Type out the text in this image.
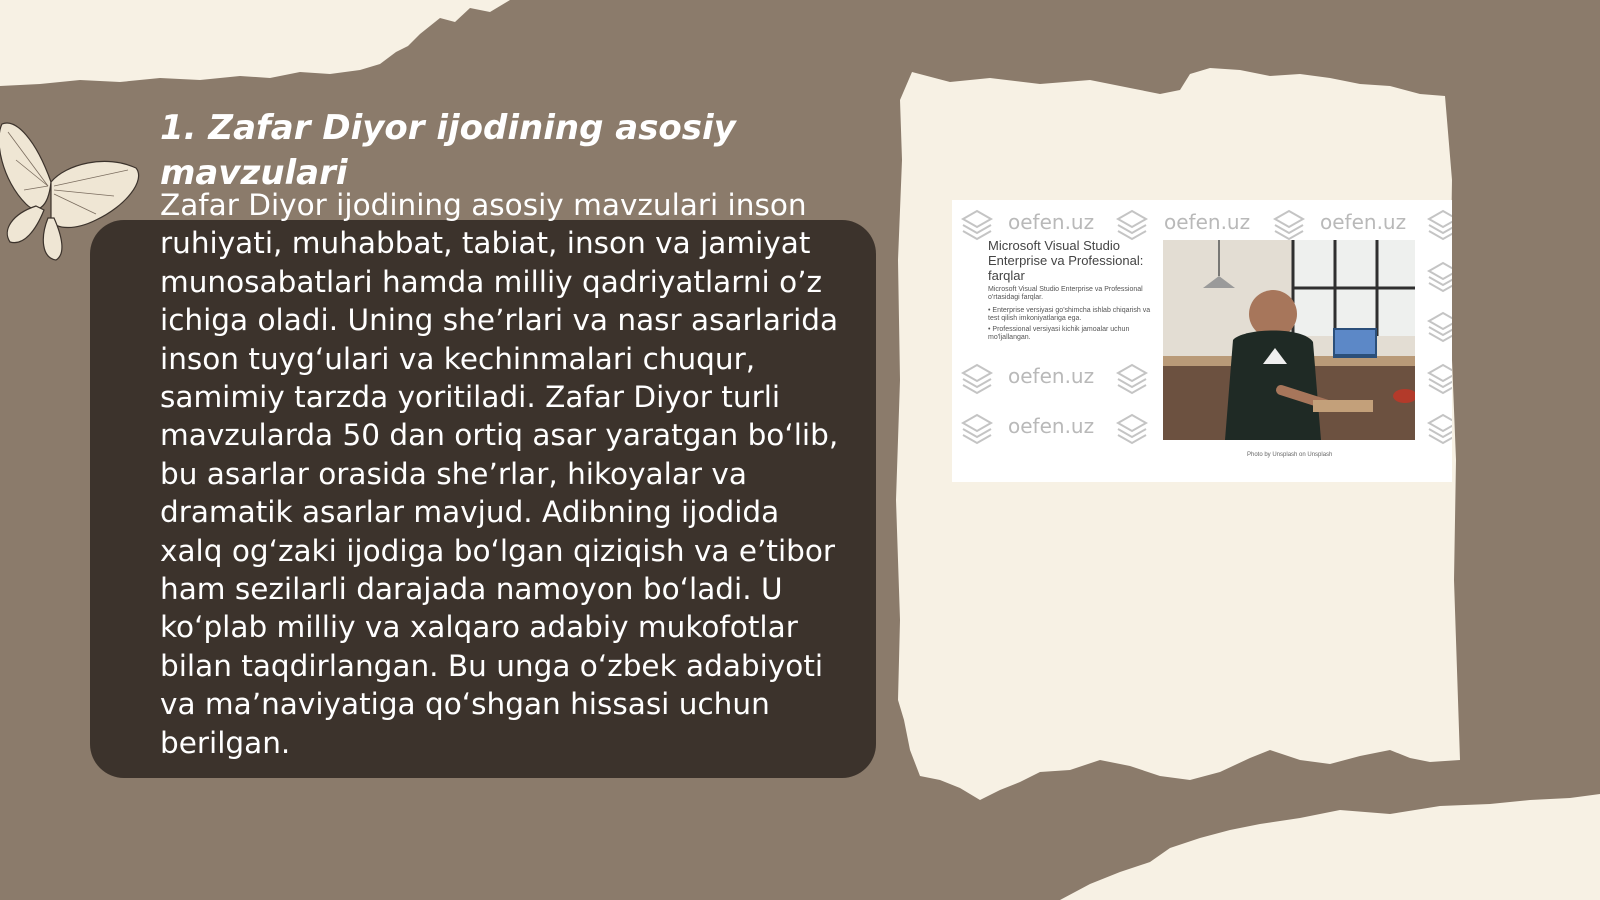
1. Zafar Diyor ijodining asosiy mavzulari

Zafar Diyor ijodining asosiy mavzulari inson ruhiyati, muhabbat, tabiat, inson va jamiyat munosabatlari hamda milliy qadriyatlarni o’z ichiga oladi. Uning she’rlari va nasr asarlarida inson tuyg‘ulari va kechinmalari chuqur, samimiy tarzda yoritiladi. Zafar Diyor turli mavzularda 50 dan ortiq asar yaratgan bo‘lib, bu asarlar orasida she’rlar, hikoyalar va dramatik asarlar mavjud. Adibning ijodida xalq og‘zaki ijodiga bo‘lgan qiziqish va e’tibor ham sezilarli darajada namoyon bo‘ladi. U ko‘plab milliy va xalqaro adabiy mukofotlar bilan taqdirlangan. Bu unga o‘zbek adabiyoti va ma’naviyatiga qo‘shgan hissasi uchun berilgan.

oefen.uz	oefen.uz	oefen.uz
Microsoft Visual Studio Enterprise va Professional: farqlar
Microsoft Visual Studio Enterprise va Professional o'rtasidagi farqlar.
• Enterprise versiyasi go'shimcha ishlab chiqarish va test qilish imkoniyatlariga ega.
• Professional versiyasi kichik jamoalar uchun mo'ljallangan.
oefen.uz
oefen.uz
Photo by Unsplash on Unsplash
